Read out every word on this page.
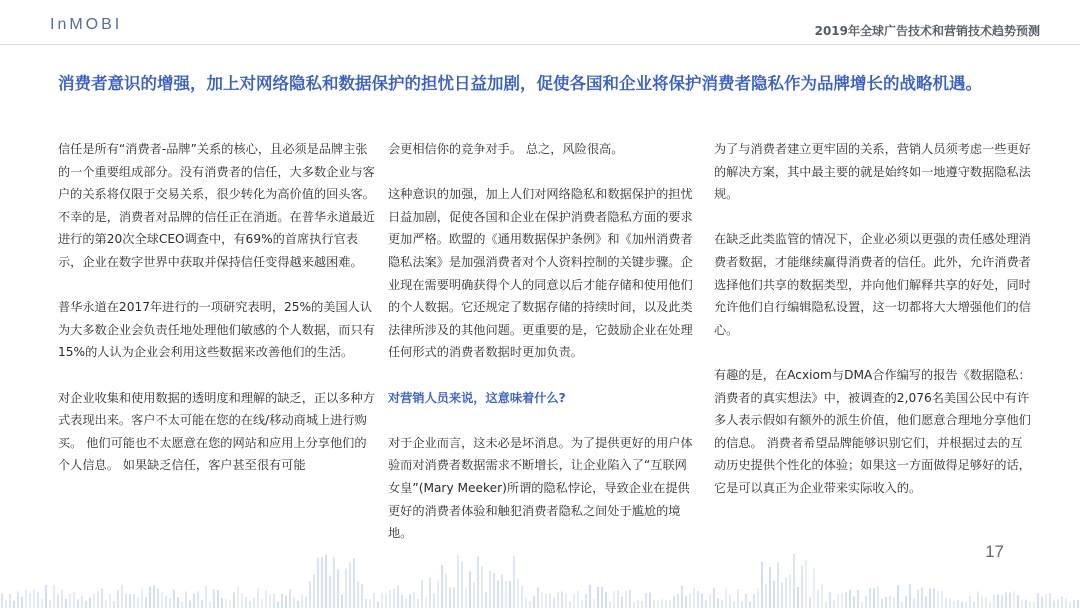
InMOBI	2019年全球广告技术和营销技术趋势预测
消费者意识的增强，加上对网络隐私和数据保护的担忧日益加剧，促使各国和企业将保护消费者隐私作为品牌增长的战略机遇。

信任是所有“消费者-品牌”关系的核心，且必须是品牌主张的一个重要组成部分。没有消费者的信任，大多数企业与客户的关系将仅限于交易关系，很少转化为高价值的回头客。不幸的是，消费者对品牌的信任正在消逝。在普华永道最近进行的第20次全球CEO调查中，有69%的首席执行官表示，企业在数字世界中获取并保持信任变得越来越困难。

普华永道在2017年进行的一项研究表明，25%的美国人认为大多数企业会负责任地处理他们敏感的个人数据，而只有15%的人认为企业会利用这些数据来改善他们的生活。

对企业收集和使用数据的透明度和理解的缺乏，正以多种方式表现出来。客户不太可能在您的在线/移动商城上进行购买。 他们可能也不太愿意在您的网站和应用上分享他们的个人信息。 如果缺乏信任，客户甚至很有可能

会更相信你的竞争对手。 总之，风险很高。

这种意识的加强，加上人们对网络隐私和数据保护的担忧日益加剧，促使各国和企业在保护消费者隐私方面的要求更加严格。欧盟的《通用数据保护条例》和《加州消费者隐私法案》是加强消费者对个人资料控制的关键步骤。企业现在需要明确获得个人的同意以后才能存储和使用他们的个人数据。它还规定了数据存储的持续时间，以及此类法律所涉及的其他问题。更重要的是，它鼓励企业在处理任何形式的消费者数据时更加负责。

对营销人员来说，这意味着什么?

对于企业而言，这未必是坏消息。为了提供更好的用户体验而对消费者数据需求不断增长，让企业陷入了“互联网女皇”(Mary Meeker)所谓的隐私悖论，导致企业在提供更好的消费者体验和触犯消费者隐私之间处于尴尬的境地。

为了与消费者建立更牢固的关系，营销人员须考虑一些更好的解决方案，其中最主要的就是始终如一地遵守数据隐私法规。

在缺乏此类监管的情况下，企业必须以更强的责任感处理消费者数据，才能继续赢得消费者的信任。此外，允许消费者选择他们共享的数据类型，并向他们解释共享的好处，同时允许他们自行编辑隐私设置，这一切都将大大增强他们的信心。

有趣的是，在Acxiom与DMA合作编写的报告《数据隐私：消费者的真实想法》中，被调查的2,076名美国公民中有许多人表示假如有额外的派生价值，他们愿意合理地分享他们的信息。 消费者希望品牌能够识别它们，并根据过去的互动历史提供个性化的体验；如果这一方面做得足够好的话，它是可以真正为企业带来实际收入的。

17
